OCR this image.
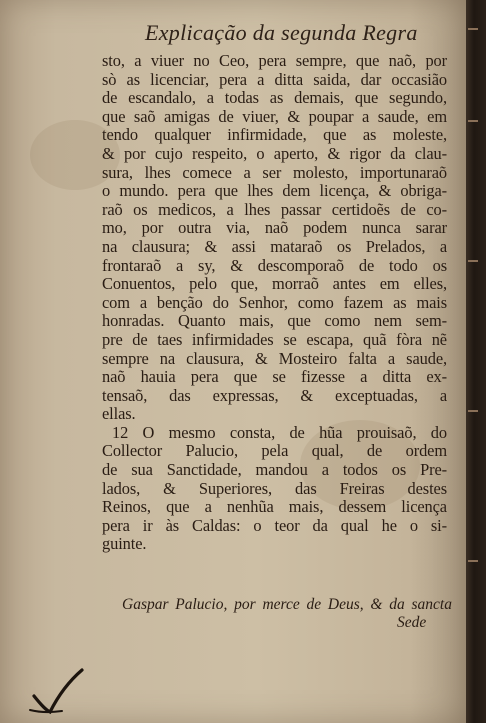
Explicação da segunda Regra
sto, a viuer no Ceo, pera sempre, que naõ, por
sò as licenciar, pera a ditta saida, dar occasião
de escandalo, a todas as demais, que segundo,
que saõ amigas de viuer, & poupar a saude, em
tendo qualquer infirmidade, que as moleste,
& por cujo respeito, o aperto, & rigor da clau-
sura, lhes comece a ser molesto, importunaraõ
o mundo. pera que lhes dem licença, & obriga-
raõ os medicos, a lhes passar certidoẽs de co-
mo, por outra via, naõ podem nunca sarar
na clausura; & assi mataraõ os Prelados, a
frontaraõ a sy, & descomporaõ de todo os
Conuentos, pelo que, morraõ antes em elles,
com a benção do Senhor, como fazem as mais
honradas. Quanto mais, que como nem sem-
pre de taes infirmidades se escapa, quã fòra nẽ
sempre na clausura, & Mosteiro falta a saude,
naõ hauia pera que se fizesse a ditta ex-
tensaõ, das expressas, & exceptuadas, a
ellas.
12 O mesmo consta, de hũa prouisaõ, do
Collector Palucio, pela qual, de ordem
de sua Sanctidade, mandou a todos os Pre-
lados, & Superiores, das Freiras destes
Reinos, que a nenhũa mais, dessem licença
pera ir às Caldas: o teor da qual he o si-
guinte.
Gaspar Palucio, por merce de Deus, & da sancta
Sede
